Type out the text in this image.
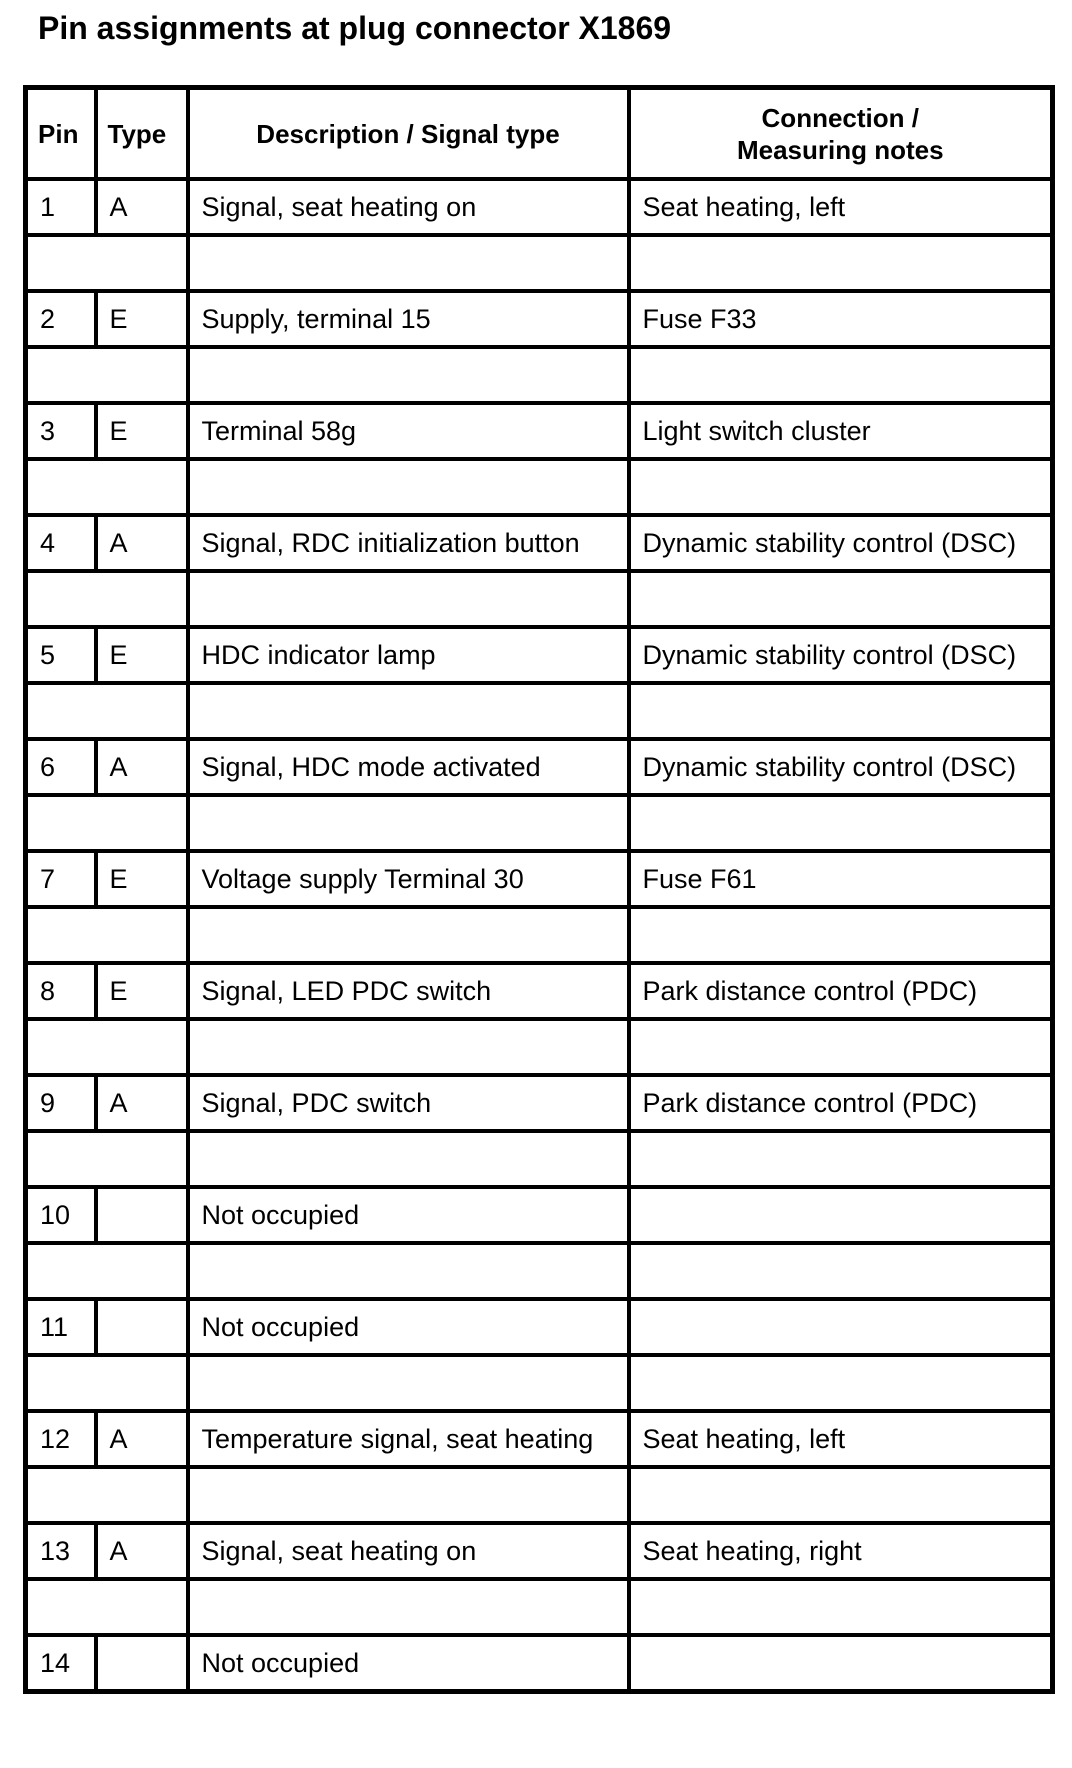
Pin assignments at plug connector X1869
Pin	Type	Description / Signal type	Connection /
Measuring notes
1	A	Signal, seat heating on	Seat heating, left

2	E	Supply, terminal 15	Fuse F33

3	E	Terminal 58g	Light switch cluster

4	A	Signal, RDC initialization button	Dynamic stability control (DSC)

5	E	HDC indicator lamp	Dynamic stability control (DSC)

6	A	Signal, HDC mode activated	Dynamic stability control (DSC)

7	E	Voltage supply Terminal 30	Fuse F61

8	E	Signal, LED PDC switch	Park distance control (PDC)

9	A	Signal, PDC switch	Park distance control (PDC)

10		Not occupied	

11		Not occupied	

12	A	Temperature signal, seat heating	Seat heating, left

13	A	Signal, seat heating on	Seat heating, right

14		Not occupied	
